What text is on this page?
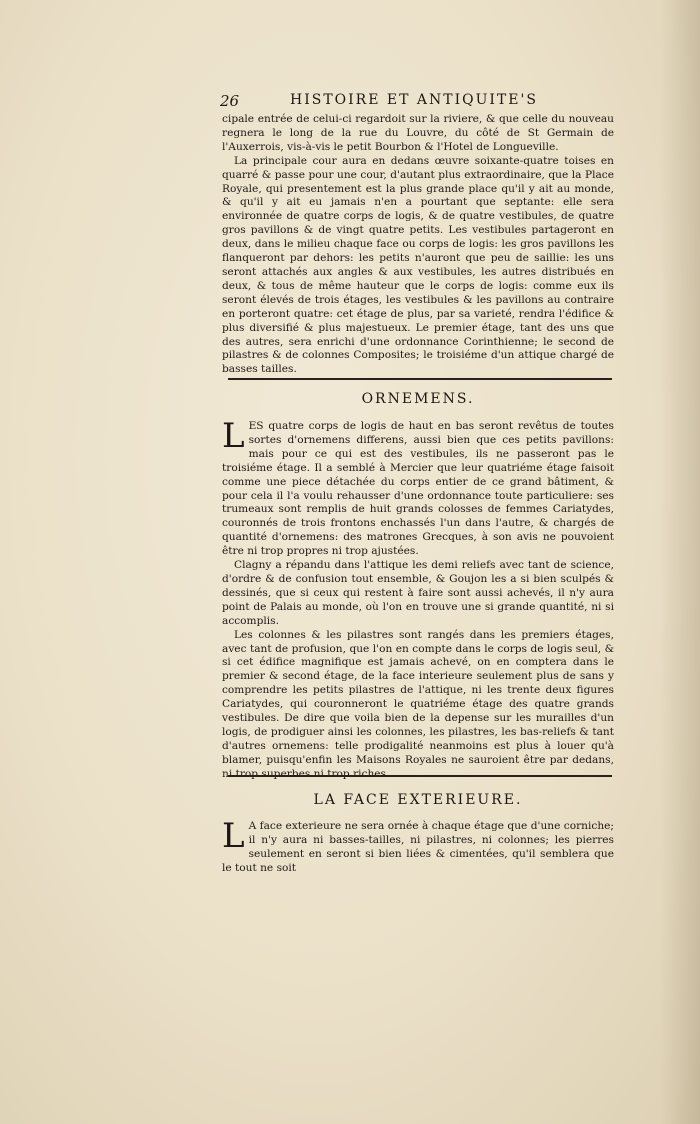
26	HISTOIRE ET ANTIQUITE'S

cipale entrée de celui-ci regardoit sur la riviere, & que celle du nouveau regnera le long de la rue du Louvre, du côté de St Germain de l'Auxerrois, vis-à-vis le petit Bourbon & l'Hotel de Longueville.

La principale cour aura en dedans œuvre soixante-quatre toises en quarré & passe pour une cour, d'autant plus extraordinaire, que la Place Royale, qui presentement est la plus grande place qu'il y ait au monde, & qu'il y ait eu jamais n'en a pourtant que septante: elle sera environnée de quatre corps de logis, & de quatre vestibules, de quatre gros pavillons & de vingt quatre petits. Les vestibules partageront en deux, dans le milieu chaque face ou corps de logis: les gros pavillons les flanqueront par dehors: les petits n'auront que peu de saillie: les uns seront attachés aux angles & aux vestibules, les autres distribués en deux, & tous de même hauteur que le corps de logis: comme eux ils seront élevés de trois étages, les vestibules & les pavillons au contraire en porteront quatre: cet étage de plus, par sa varieté, rendra l'édifice & plus diversifié & plus majestueux. Le premier étage, tant des uns que des autres, sera enrichi d'une ordonnance Corinthienne; le second de pilastres & de colonnes Composites; le troisiéme d'un attique chargé de basses tailles.

ORNEMENS.

LES quatre corps de logis de haut en bas seront revêtus de toutes sortes d'ornemens differens, aussi bien que ces petits pavillons: mais pour ce qui est des vestibules, ils ne passeront pas le troisiéme étage. Il a semblé à Mercier que leur quatriéme étage faisoit comme une piece détachée du corps entier de ce grand bâtiment, & pour cela il l'a voulu rehausser d'une ordonnance toute particuliere: ses trumeaux sont remplis de huit grands colosses de femmes Cariatydes, couronnés de trois frontons enchassés l'un dans l'autre, & chargés de quantité d'ornemens: des matrones Grecques, à son avis ne pouvoient être ni trop propres ni trop ajustées.

Clagny a répandu dans l'attique les demi reliefs avec tant de science, d'ordre & de confusion tout ensemble, & Goujon les a si bien sculpés & dessinés, que si ceux qui restent à faire sont aussi achevés, il n'y aura point de Palais au monde, où l'on en trouve une si grande quantité, ni si accomplis.

Les colonnes & les pilastres sont rangés dans les premiers étages, avec tant de profusion, que l'on en compte dans le corps de logis seul, & si cet édifice magnifique est jamais achevé, on en comptera dans le premier & second étage, de la face interieure seulement plus de sans y comprendre les petits pilastres de l'attique, ni les trente deux figures Cariatydes, qui couronneront le quatriéme étage des quatre grands vestibules. De dire que voila bien de la depense sur les murailles d'un logis, de prodiguer ainsi les colonnes, les pilastres, les bas-reliefs & tant d'autres ornemens: telle prodigalité neanmoins est plus à louer qu'à blamer, puisqu'enfin les Maisons Royales ne sauroient être par dedans, ni trop superbes ni trop riches.

LA FACE EXTERIEURE.

L A face exterieure ne sera ornée à chaque étage que d'une corniche; il n'y aura ni basses-tailles, ni pilastres, ni colonnes; les pierres seulement en seront si bien liées & cimentées, qu'il semblera que le tout ne soit
